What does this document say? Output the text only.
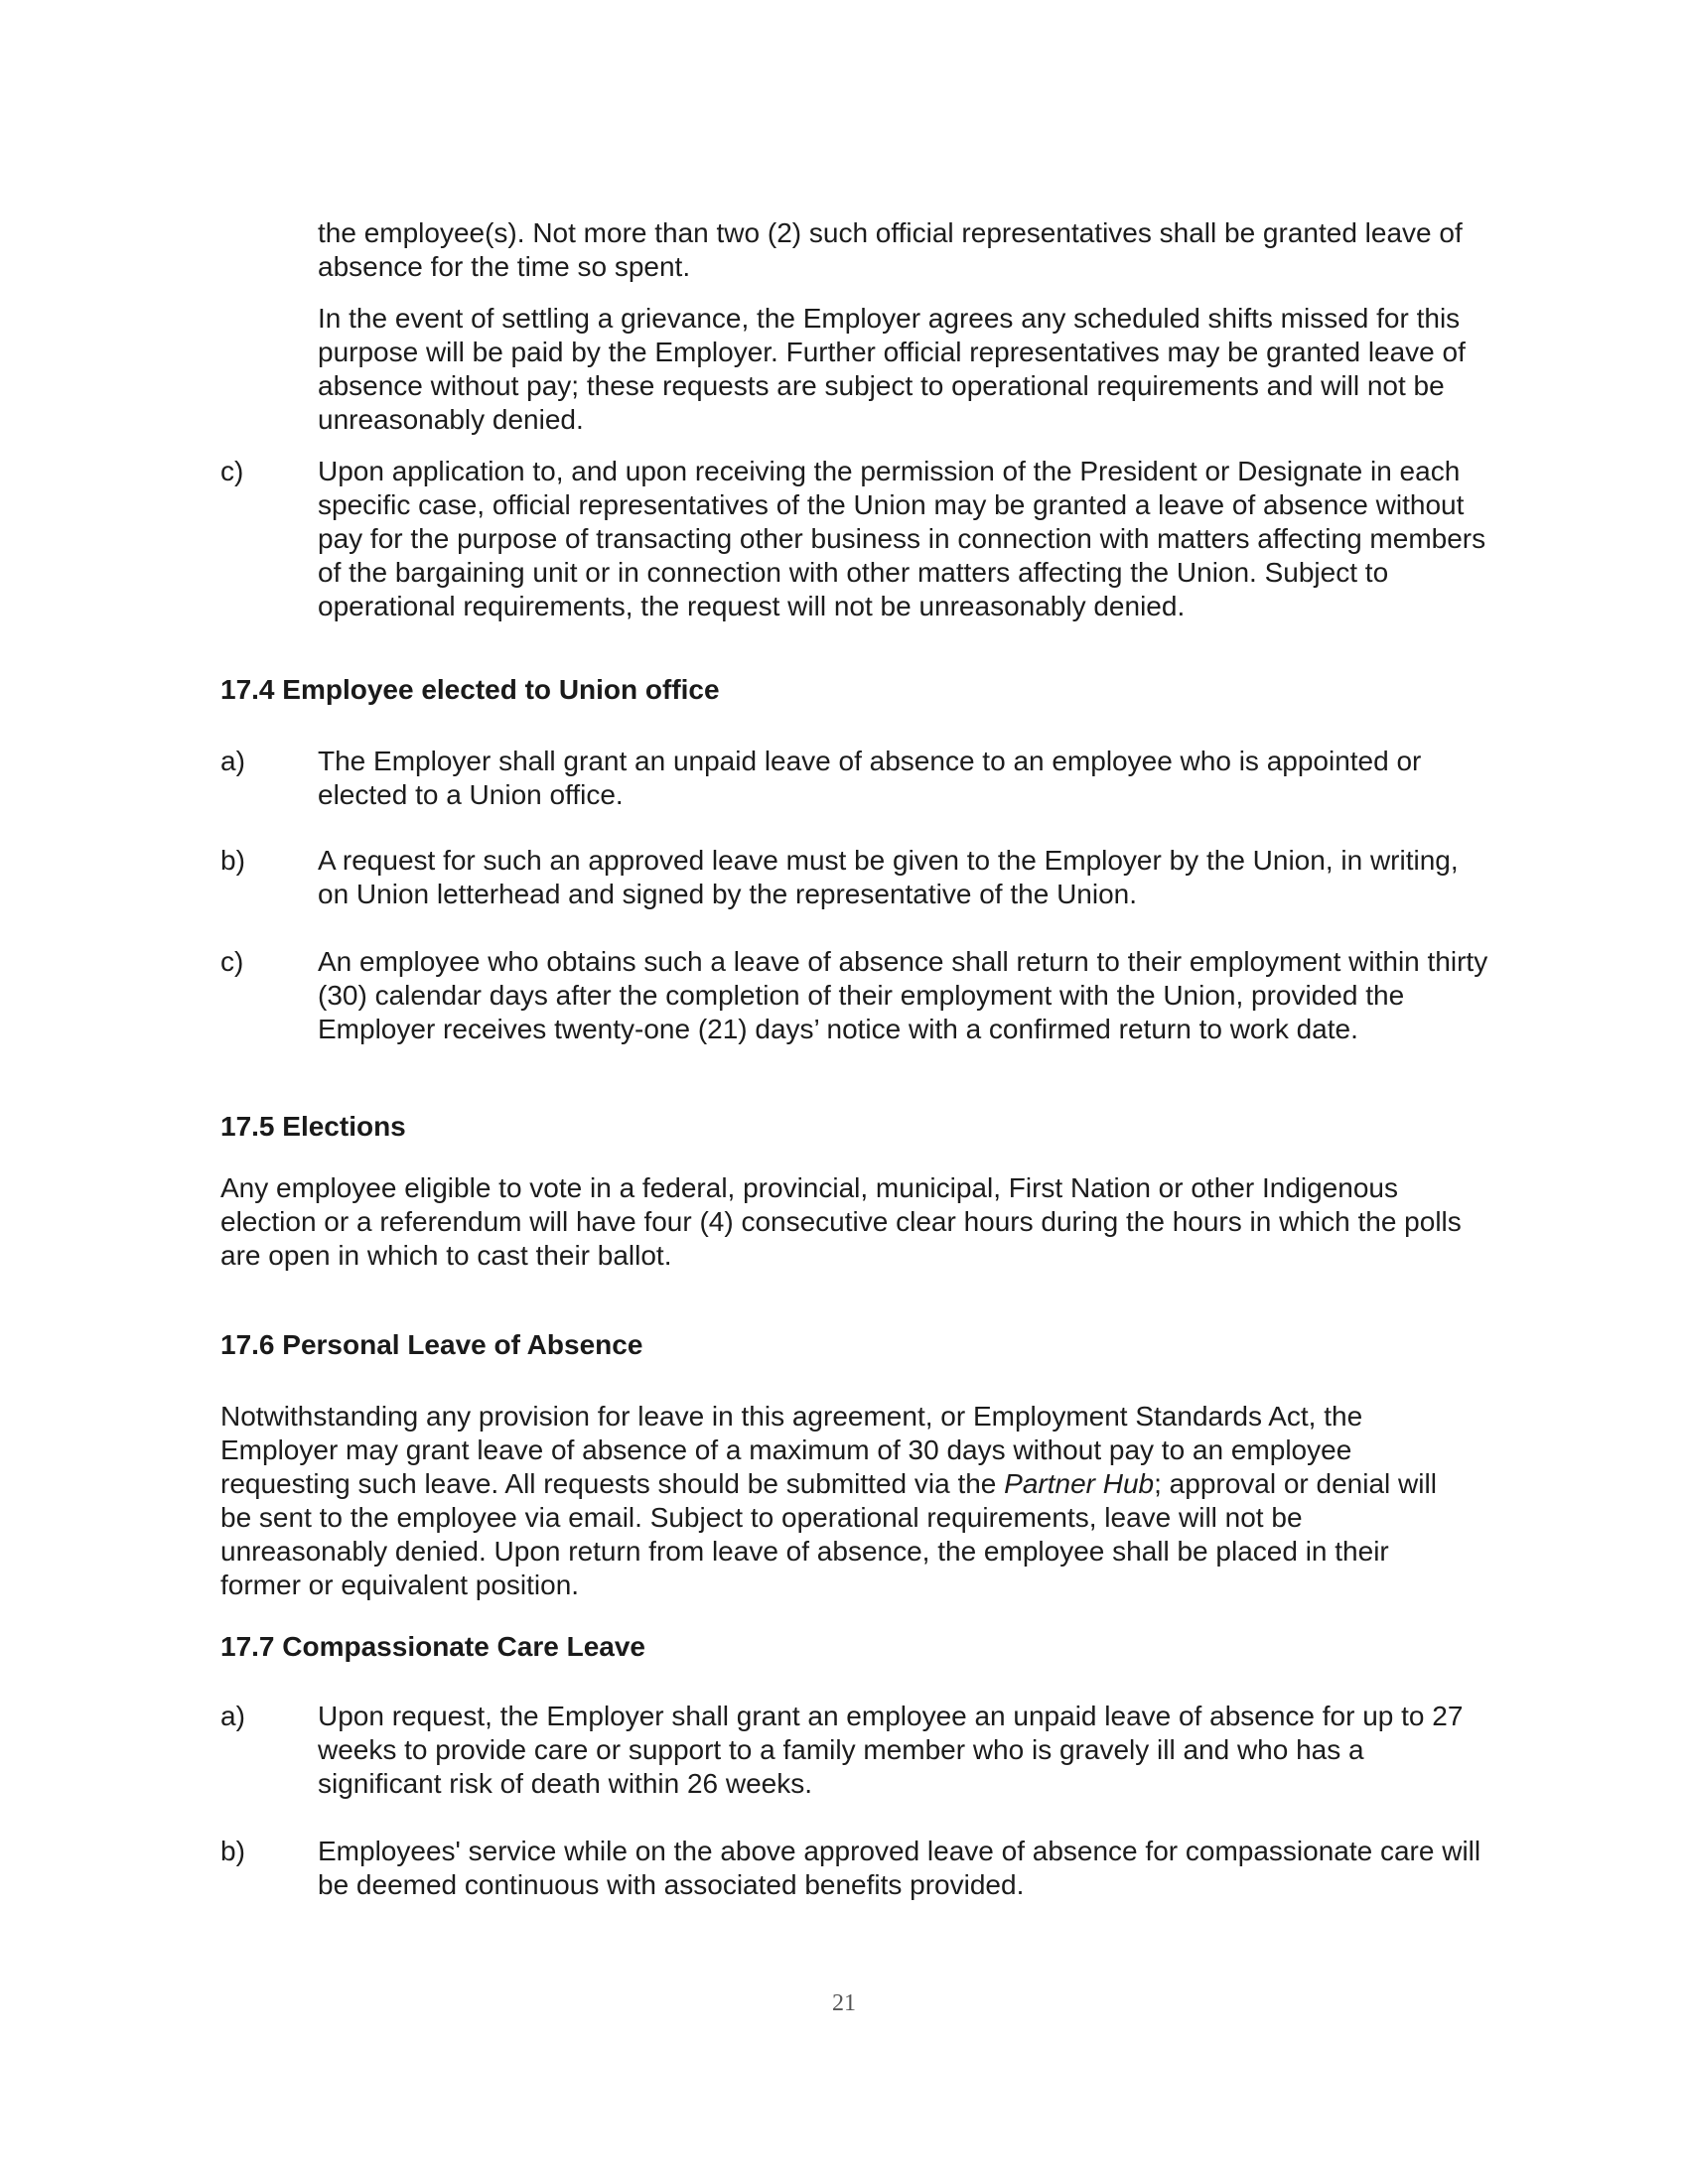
the employee(s). Not more than two (2) such official representatives shall be granted leave of absence for the time so spent.

In the event of settling a grievance, the Employer agrees any scheduled shifts missed for this purpose will be paid by the Employer. Further official representatives may be granted leave of absence without pay; these requests are subject to operational requirements and will not be unreasonably denied.

c)	Upon application to, and upon receiving the permission of the President or Designate in each specific case, official representatives of the Union may be granted a leave of absence without pay for the purpose of transacting other business in connection with matters affecting members of the bargaining unit or in connection with other matters affecting the Union. Subject to operational requirements, the request will not be unreasonably denied.

17.4 Employee elected to Union office
a)	The Employer shall grant an unpaid leave of absence to an employee who is appointed or elected to a Union office.

b)	A request for such an approved leave must be given to the Employer by the Union, in writing, on Union letterhead and signed by the representative of the Union.

c)	An employee who obtains such a leave of absence shall return to their employment within thirty (30) calendar days after the completion of their employment with the Union, provided the Employer receives twenty-one (21) days’ notice with a confirmed return to work date.

17.5 Elections

Any employee eligible to vote in a federal, provincial, municipal, First Nation or other Indigenous election or a referendum will have four (4) consecutive clear hours during the hours in which the polls are open in which to cast their ballot.

17.6 Personal Leave of Absence

Notwithstanding any provision for leave in this agreement, or Employment Standards Act, the Employer may grant leave of absence of a maximum of 30 days without pay to an employee requesting such leave. All requests should be submitted via the Partner Hub; approval or denial will be sent to the employee via email. Subject to operational requirements, leave will not be unreasonably denied. Upon return from leave of absence, the employee shall be placed in their former or equivalent position.

17.7 Compassionate Care Leave
a)	Upon request, the Employer shall grant an employee an unpaid leave of absence for up to 27 weeks to provide care or support to a family member who is gravely ill and who has a significant risk of death within 26 weeks.

b)	Employees' service while on the above approved leave of absence for compassionate care will be deemed continuous with associated benefits provided.

21
